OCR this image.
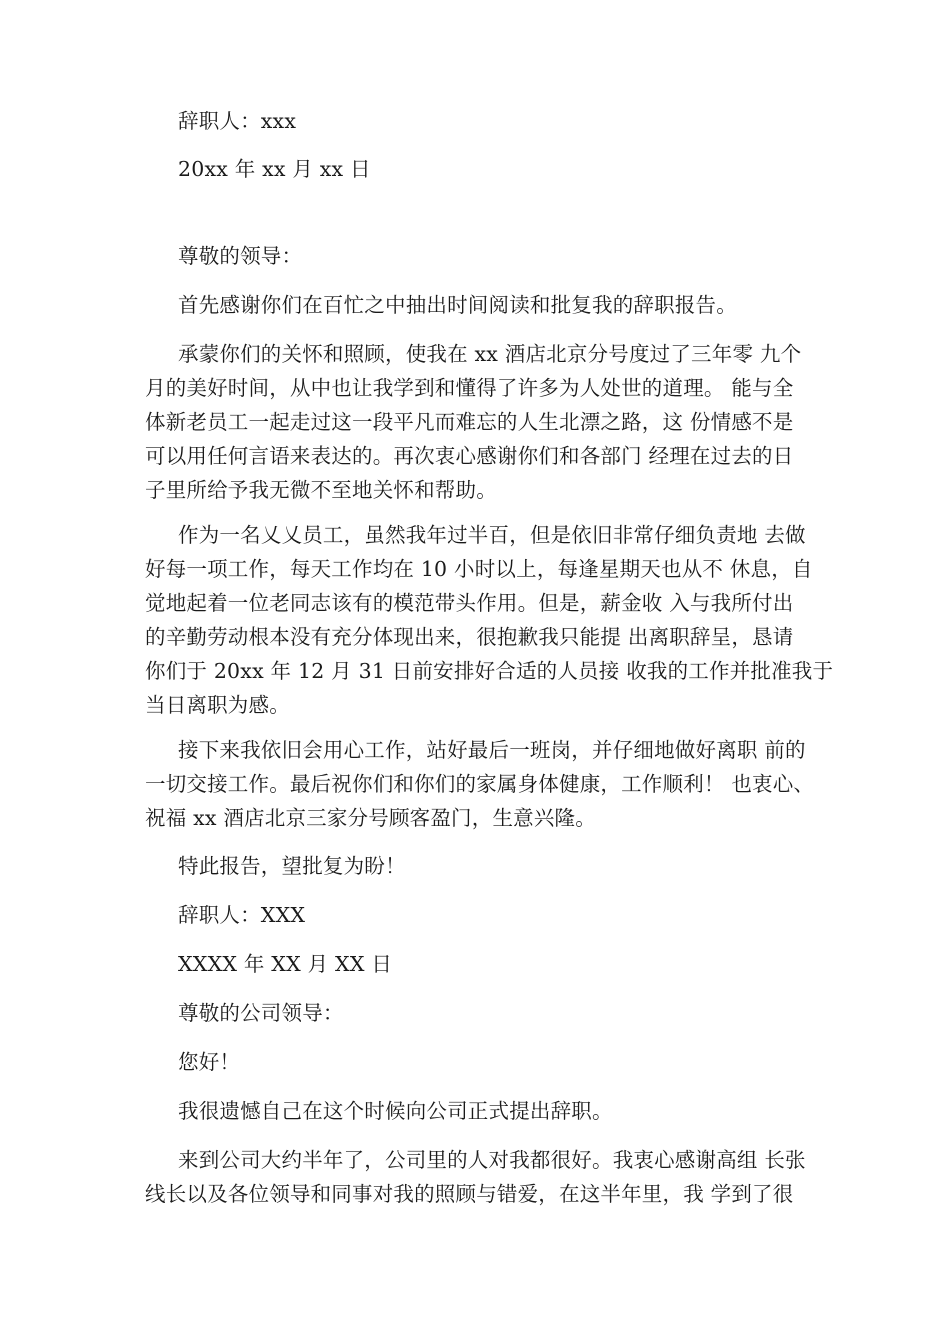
辞职人：xxx
20xx 年 xx 月 xx 日
尊敬的领导：
首先感谢你们在百忙之中抽出时间阅读和批复我的辞职报告。
承蒙你们的关怀和照顾，使我在 xx 酒店北京分号度过了三年零 九个
月的美好时间，从中也让我学到和懂得了许多为人处世的道理。 能与全
体新老员工一起走过这一段平凡而难忘的人生北漂之路，这 份情感不是
可以用任何言语来表达的。再次衷心感谢你们和各部门 经理在过去的日
子里所给予我无微不至地关怀和帮助。
作为一名乂乂员工，虽然我年过半百，但是依旧非常仔细负责地 去做
好每一项工作，每天工作均在 10 小时以上，每逢星期天也从不 休息，自
觉地起着一位老同志该有的模范带头作用。但是，薪金收 入与我所付出
的辛勤劳动根本没有充分体现出来，很抱歉我只能提 出离职辞呈，恳请
你们于 20xx 年 12 月 31 日前安排好合适的人员接 收我的工作并批准我于
当日离职为感。
接下来我依旧会用心工作，站好最后一班岗，并仔细地做好离职 前的
一切交接工作。最后祝你们和你们的家属身体健康，工作顺利！ 也衷心、
祝福 xx 酒店北京三家分号顾客盈门，生意兴隆。
特此报告，望批复为盼！
辞职人：XXX
XXXX 年 XX 月 XX 日
尊敬的公司领导：
您好！
我很遗憾自己在这个时候向公司正式提出辞职。
来到公司大约半年了，公司里的人对我都很好。我衷心感谢高组 长张
线长以及各位领导和同事对我的照顾与错爱，在这半年里，我 学到了很
